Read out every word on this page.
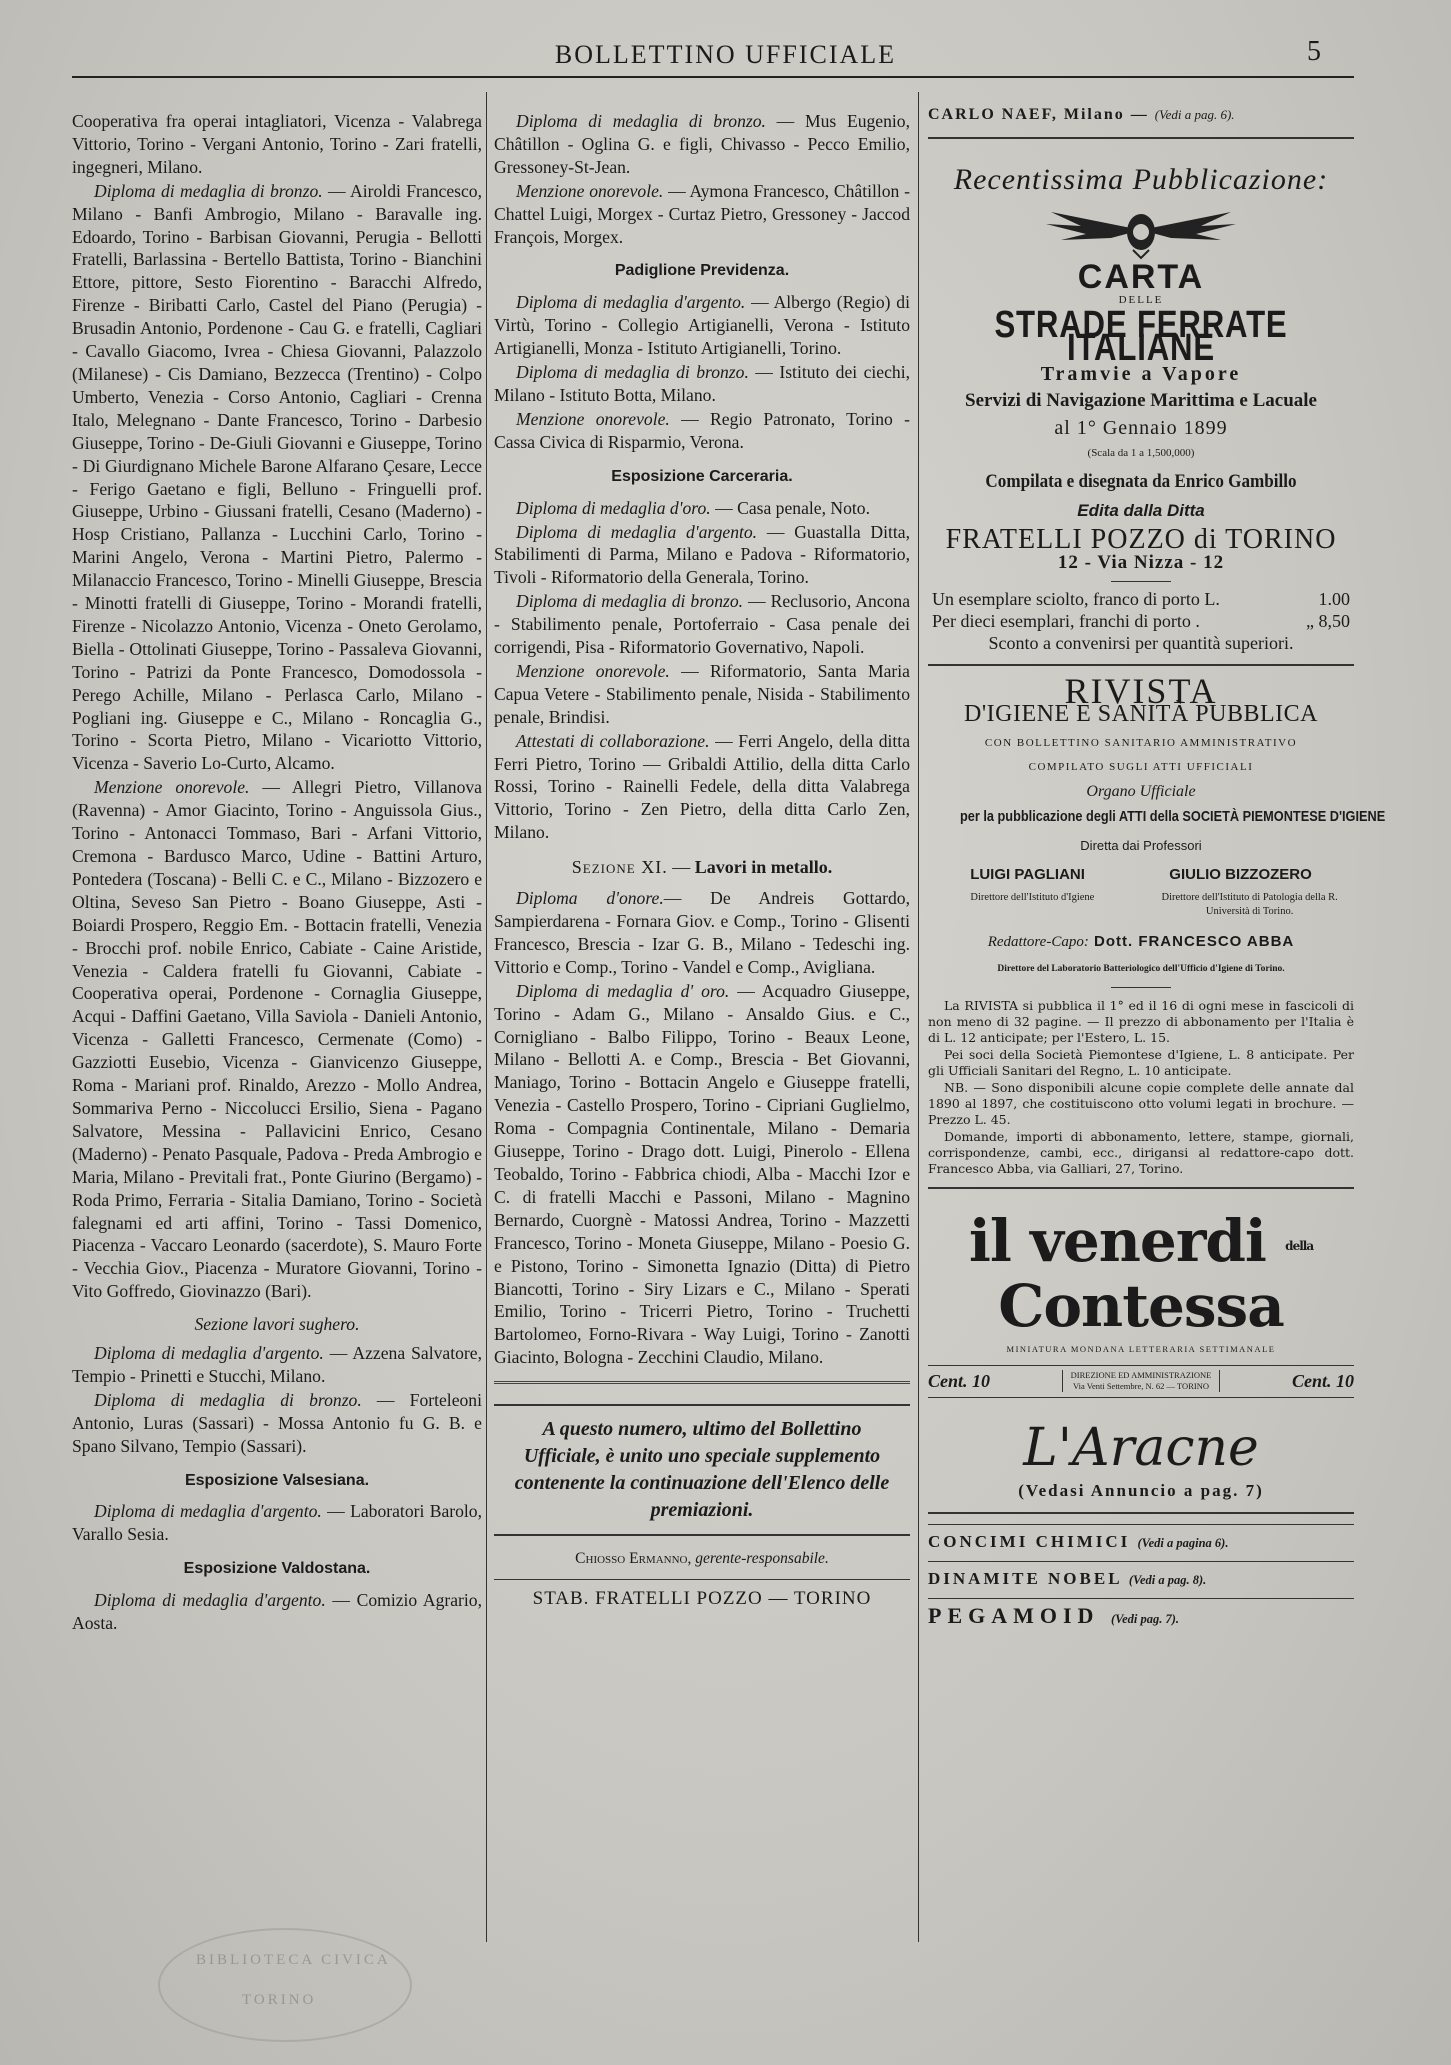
BOLLETTINO UFFICIALE	5

Cooperativa fra operai intagliatori, Vicenza - Valabrega Vittorio, Torino - Vergani Antonio, Torino - Zari fratelli, ingegneri, Milano.

Diploma di medaglia di bronzo. — Airoldi Francesco, Milano - Banfi Ambrogio, Milano - Baravalle ing. Edoardo, Torino - Barbisan Giovanni, Perugia - Bellotti Fratelli, Barlassina - Bertello Battista, Torino - Bianchini Ettore, pittore, Sesto Fiorentino - Baracchi Alfredo, Firenze - Biribatti Carlo, Castel del Piano (Perugia) - Brusadin Antonio, Pordenone - Cau G. e fratelli, Cagliari - Cavallo Giacomo, Ivrea - Chiesa Giovanni, Palazzolo (Milanese) - Cis Damiano, Bezzecca (Trentino) - Colpo Umberto, Venezia - Corso Antonio, Cagliari - Crenna Italo, Melegnano - Dante Francesco, Torino - Darbesio Giuseppe, Torino - De-Giuli Giovanni e Giuseppe, Torino - Di Giurdignano Michele Barone Alfarano Çesare, Lecce - Ferigo Gaetano e figli, Belluno - Fringuelli prof. Giuseppe, Urbino - Giussani fratelli, Cesano (Maderno) - Hosp Cristiano, Pallanza - Lucchini Carlo, Torino - Marini Angelo, Verona - Martini Pietro, Palermo - Milanaccio Francesco, Torino - Minelli Giuseppe, Brescia - Minotti fratelli di Giuseppe, Torino - Morandi fratelli, Firenze - Nicolazzo Antonio, Vicenza - Oneto Gerolamo, Biella - Ottolinati Giuseppe, Torino - Passaleva Giovanni, Torino - Patrizi da Ponte Francesco, Domodossola - Perego Achille, Milano - Perlasca Carlo, Milano - Pogliani ing. Giuseppe e C., Milano - Roncaglia G., Torino - Scorta Pietro, Milano - Vicariotto Vittorio, Vicenza - Saverio Lo-Curto, Alcamo.

Menzione onorevole. — Allegri Pietro, Villanova (Ravenna) - Amor Giacinto, Torino - Anguissola Gius., Torino - Antonacci Tommaso, Bari - Arfani Vittorio, Cremona - Bardusco Marco, Udine - Battini Arturo, Pontedera (Toscana) - Belli C. e C., Milano - Bizzozero e Oltina, Seveso San Pietro - Boano Giuseppe, Asti - Boiardi Prospero, Reggio Em. - Bottacin fratelli, Venezia - Brocchi prof. nobile Enrico, Cabiate - Caine Aristide, Venezia - Caldera fratelli fu Giovanni, Cabiate - Cooperativa operai, Pordenone - Cornaglia Giuseppe, Acqui - Daffini Gaetano, Villa Saviola - Danieli Antonio, Vicenza - Galletti Francesco, Cermenate (Como) - Gazziotti Eusebio, Vicenza - Gianvicenzo Giuseppe, Roma - Mariani prof. Rinaldo, Arezzo - Mollo Andrea, Sommariva Perno - Niccolucci Ersilio, Siena - Pagano Salvatore, Messina - Pallavicini Enrico, Cesano (Maderno) - Penato Pasquale, Padova - Preda Ambrogio e Maria, Milano - Previtali frat., Ponte Giurino (Bergamo) - Roda Primo, Ferraria - Sitalia Damiano, Torino - Società falegnami ed arti affini, Torino - Tassi Domenico, Piacenza - Vaccaro Leonardo (sacerdote), S. Mauro Forte - Vecchia Giov., Piacenza - Muratore Giovanni, Torino - Vito Goffredo, Giovinazzo (Bari).

Sezione lavori sughero.

Diploma di medaglia d'argento. — Azzena Salvatore, Tempio - Prinetti e Stucchi, Milano.

Diploma di medaglia di bronzo. — Forteleoni Antonio, Luras (Sassari) - Mossa Antonio fu G. B. e Spano Silvano, Tempio (Sassari).

Esposizione Valsesiana.

Diploma di medaglia d'argento. — Laboratori Barolo, Varallo Sesia.

Esposizione Valdostana.

Diploma di medaglia d'argento. — Comizio Agrario, Aosta.

Diploma di medaglia di bronzo. — Mus Eugenio, Châtillon - Oglina G. e figli, Chivasso - Pecco Emilio, Gressoney-St-Jean.

Menzione onorevole. — Aymona Francesco, Châtillon - Chattel Luigi, Morgex - Curtaz Pietro, Gressoney - Jaccod François, Morgex.

Padiglione Previdenza.

Diploma di medaglia d'argento. — Albergo (Regio) di Virtù, Torino - Collegio Artigianelli, Verona - Istituto Artigianelli, Monza - Istituto Artigianelli, Torino.

Diploma di medaglia di bronzo. — Istituto dei ciechi, Milano - Istituto Botta, Milano.

Menzione onorevole. — Regio Patronato, Torino - Cassa Civica di Risparmio, Verona.

Esposizione Carceraria.

Diploma di medaglia d'oro. — Casa penale, Noto.

Diploma di medaglia d'argento. — Guastalla Ditta, Stabilimenti di Parma, Milano e Padova - Riformatorio, Tivoli - Riformatorio della Generala, Torino.

Diploma di medaglia di bronzo. — Reclusorio, Ancona - Stabilimento penale, Portoferraio - Casa penale dei corrigendi, Pisa - Riformatorio Governativo, Napoli.

Menzione onorevole. — Riformatorio, Santa Maria Capua Vetere - Stabilimento penale, Nisida - Stabilimento penale, Brindisi.

Attestati di collaborazione. — Ferri Angelo, della ditta Ferri Pietro, Torino — Gribaldi Attilio, della ditta Carlo Rossi, Torino - Rainelli Fedele, della ditta Valabrega Vittorio, Torino - Zen Pietro, della ditta Carlo Zen, Milano.

Sezione XI. — Lavori in metallo.

Diploma d'onore.— De Andreis Gottardo, Sampierdarena - Fornara Giov. e Comp., Torino - Glisenti Francesco, Brescia - Izar G. B., Milano - Tedeschi ing. Vittorio e Comp., Torino - Vandel e Comp., Avigliana.

Diploma di medaglia d' oro. — Acquadro Giuseppe, Torino - Adam G., Milano - Ansaldo Gius. e C., Cornigliano - Balbo Filippo, Torino - Beaux Leone, Milano - Bellotti A. e Comp., Brescia - Bet Giovanni, Maniago, Torino - Bottacin Angelo e Giuseppe fratelli, Venezia - Castello Prospero, Torino - Cipriani Guglielmo, Roma - Compagnia Continentale, Milano - Demaria Giuseppe, Torino - Drago dott. Luigi, Pinerolo - Ellena Teobaldo, Torino - Fabbrica chiodi, Alba - Macchi Izor e C. di fratelli Macchi e Passoni, Milano - Magnino Bernardo, Cuorgnè - Matossi Andrea, Torino - Mazzetti Francesco, Torino - Moneta Giuseppe, Milano - Poesio G. e Pistono, Torino - Simonetta Ignazio (Ditta) di Pietro Biancotti, Torino - Siry Lizars e C., Milano - Sperati Emilio, Torino - Tricerri Pietro, Torino - Truchetti Bartolomeo, Forno-Rivara - Way Luigi, Torino - Zanotti Giacinto, Bologna - Zecchini Claudio, Milano.

A questo numero, ultimo del Bollettino Ufficiale, è unito uno speciale supplemento contenente la continuazione dell'Elenco delle premiazioni.
Chiosso Ermanno, gerente-responsabile.
STAB. FRATELLI POZZO — TORINO
CARLO NAEF, Milano — (Vedi a pag. 6).
Recentissima Pubblicazione:
CARTA
DELLE
STRADE FERRATE ITALIANE
Tramvie a Vapore
Servizi di Navigazione Marittima e Lacuale
al 1° Gennaio 1899
(Scala da 1 a 1,500,000)
Compilata e disegnata da Enrico Gambillo
Edita dalla Ditta
FRATELLI POZZO di TORINO
12 - Via Nizza - 12
Un esemplare sciolto, franco di porto L.	1.00
Per dieci esemplari, franchi di porto .	„ 8,50
Sconto a convenirsi per quantità superiori.
RIVISTA
D'IGIENE E SANITÀ PUBBLICA
CON BOLLETTINO SANITARIO AMMINISTRATIVO
COMPILATO SUGLI ATTI UFFICIALI
Organo Ufficiale
per la pubblicazione degli ATTI della SOCIETÀ PIEMONTESE D'IGIENE
Diretta dai Professori
LUIGI PAGLIANI	GIULIO BIZZOZERO
Direttore dell'Istituto d'Igiene	Direttore dell'Istituto di Patologia della R. Università di Torino.
Redattore-Capo: Dott. FRANCESCO ABBA
Direttore del Laboratorio Batteriologico dell'Ufficio d'Igiene di Torino.

La RIVISTA si pubblica il 1° ed il 16 di ogni mese in fascicoli di non meno di 32 pagine. — Il prezzo di abbonamento per l'Italia è di L. 12 anticipate; per l'Estero, L. 15.

Pei soci della Società Piemontese d'Igiene, L. 8 anticipate. Per gli Ufficiali Sanitari del Regno, L. 10 anticipate.

NB. — Sono disponibili alcune copie complete delle annate dal 1890 al 1897, che costituiscono otto volumi legati in brochure. — Prezzo L. 45.

Domande, importi di abbonamento, lettere, stampe, giornali, corrispondenze, cambi, ecc., dirigansi al redattore-capo dott. Francesco Abba, via Galliari, 27, Torino.

il venerdi della Contessa
MINIATURA MONDANA LETTERARIA SETTIMANALE
Cent. 10	DIREZIONE ED AMMINISTRAZIONE
Via Venti Settembre, N. 62 — TORINO	Cent. 10
L'Aracne
(Vedasi Annuncio a pag. 7)
CONCIMI CHIMICI (Vedi a pagina 6).
DINAMITE NOBEL (Vedi a pag. 8).
PEGAMOID (Vedi pag. 7).
BIBLIOTECA CIVICA
TORINO
